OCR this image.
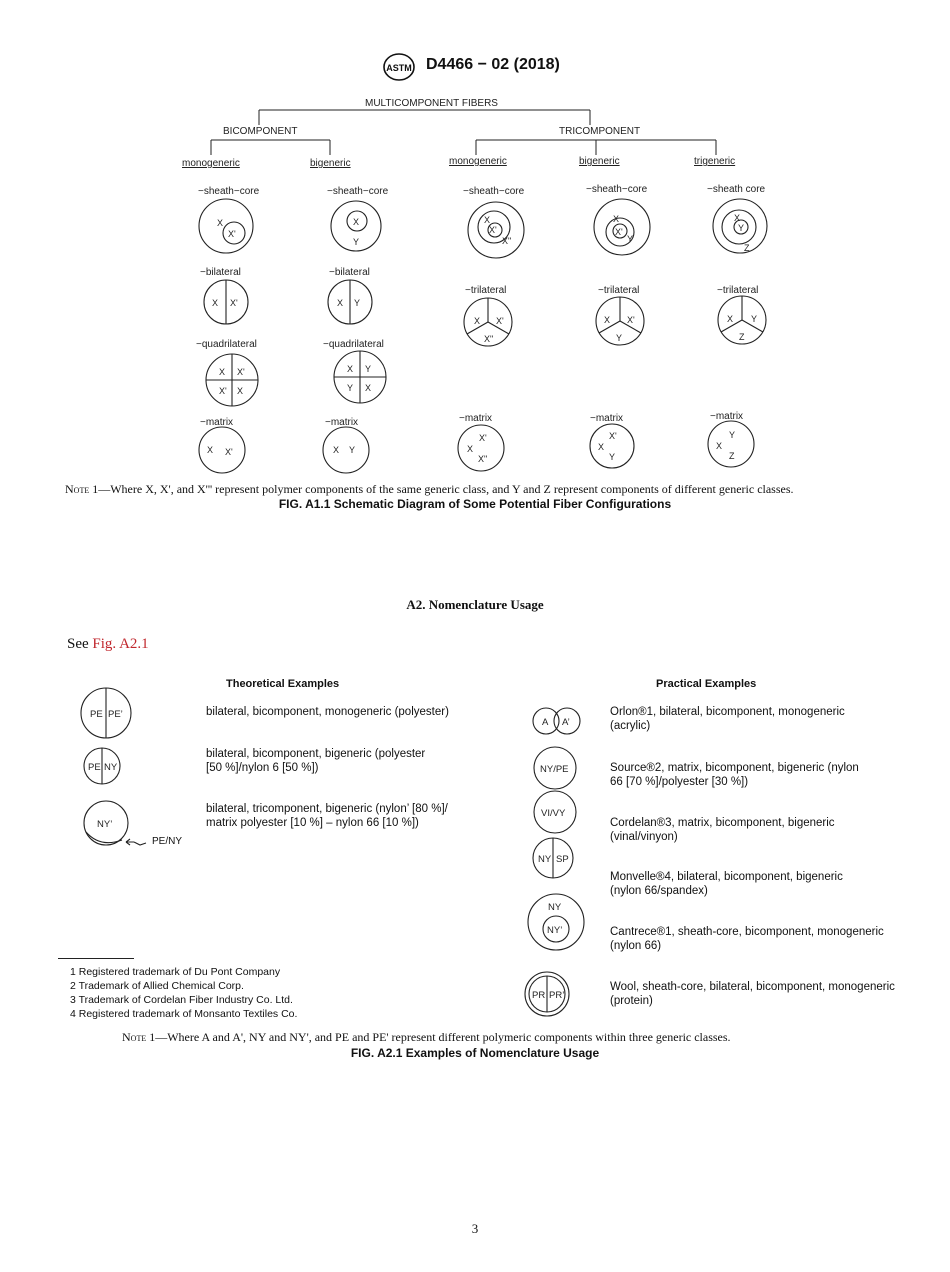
ASTM D4466 − 02 (2018)
MULTICOMPONENT FIBERS
BICOMPONENT	TRICOMPONENT
monogeneric	bigeneric	monogeneric	bigeneric	trigeneric
−sheath−core	−sheath−core	−sheath−core	−sheath−core	−sheath core
−bilateral	−bilateral
−trilateral	−trilateral	−trilateral
−quadrilateral	−quadrilateral
−matrix	−matrix	−matrix	−matrix	−matrix
X
X'
X
Y
X
X'
X"
X
X'
Y
X
Y
Z
X X'	X Y
X X'
X"
X X'
Y
X Y
Z
X X'
X' X
X Y
Y X
X X'	X Y
X'
X
X"
X'
X
Y
Y
X
Z
Note 1—Where X, X', and X''' represent polymer components of the same generic class, and Y and Z represent components of different generic classes.
FIG. A1.1 Schematic Diagram of Some Potential Fiber Configurations
A2. Nomenclature Usage
See Fig. A2.1
Theoretical Examples	Practical Examples
PE PE’
PE NY
NY’
A A’
NY/PE
VI/VY
NY SP
NY
NY’
PR PR’
bilateral, bicomponent, monogeneric (polyester)
bilateral, bicomponent, bigeneric (polyester
[50 %]/nylon 6 [50 %])
bilateral, tricomponent, bigeneric (nylon’ [80 %]/
matrix polyester [10 %] – nylon 66 [10 %])
PE/NY
Orlon®1, bilateral, bicomponent, monogeneric
(acrylic)
Source®2, matrix, bicomponent, bigeneric (nylon
66 [70 %]/polyester [30 %])
Cordelan®3, matrix, bicomponent, bigeneric
(vinal/vinyon)
Monvelle®4, bilateral, bicomponent, bigeneric
(nylon 66/spandex)
Cantrece®1, sheath-core, bicomponent, monogeneric
(nylon 66)
Wool, sheath-core, bilateral, bicomponent, monogeneric
(protein)
1 Registered trademark of Du Pont Company
2 Trademark of Allied Chemical Corp.
3 Trademark of Cordelan Fiber Industry Co. Ltd.
4 Registered trademark of Monsanto Textiles Co.
Note 1—Where A and A', NY and NY', and PE and PE' represent different polymeric components within three generic classes.
FIG. A2.1 Examples of Nomenclature Usage
3
